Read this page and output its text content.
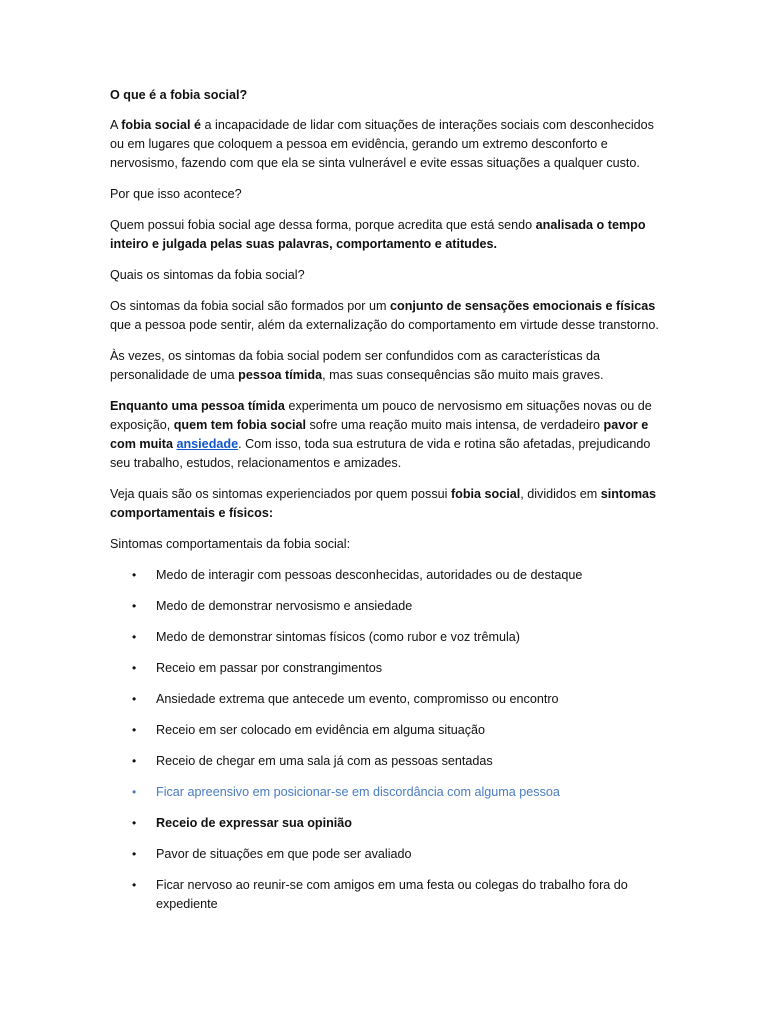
O que é a fobia social?

A fobia social é a incapacidade de lidar com situações de interações sociais com desconhecidos ou em lugares que coloquem a pessoa em evidência, gerando um extremo desconforto e nervosismo, fazendo com que ela se sinta vulnerável e evite essas situações a qualquer custo.

Por que isso acontece?

Quem possui fobia social age dessa forma, porque acredita que está sendo analisada o tempo inteiro e julgada pelas suas palavras, comportamento e atitudes.

Quais os sintomas da fobia social?

Os sintomas da fobia social são formados por um conjunto de sensações emocionais e físicas que a pessoa pode sentir, além da externalização do comportamento em virtude desse transtorno.

Às vezes, os sintomas da fobia social podem ser confundidos com as características da personalidade de uma pessoa tímida, mas suas consequências são muito mais graves.

Enquanto uma pessoa tímida experimenta um pouco de nervosismo em situações novas ou de exposição, quem tem fobia social sofre uma reação muito mais intensa, de verdadeiro pavor e com muita ansiedade. Com isso, toda sua estrutura de vida e rotina são afetadas, prejudicando seu trabalho, estudos, relacionamentos e amizades.

Veja quais são os sintomas experienciados por quem possui fobia social, divididos em sintomas comportamentais e físicos:

Sintomas comportamentais da fobia social:

• Medo de interagir com pessoas desconhecidas, autoridades ou de destaque
• Medo de demonstrar nervosismo e ansiedade
• Medo de demonstrar sintomas físicos (como rubor e voz trêmula)
• Receio em passar por constrangimentos
• Ansiedade extrema que antecede um evento, compromisso ou encontro
• Receio em ser colocado em evidência em alguma situação
• Receio de chegar em uma sala já com as pessoas sentadas
• Ficar apreensivo em posicionar-se em discordância com alguma pessoa
• Receio de expressar sua opinião
• Pavor de situações em que pode ser avaliado
• Ficar nervoso ao reunir-se com amigos em uma festa ou colegas do trabalho fora do expediente
